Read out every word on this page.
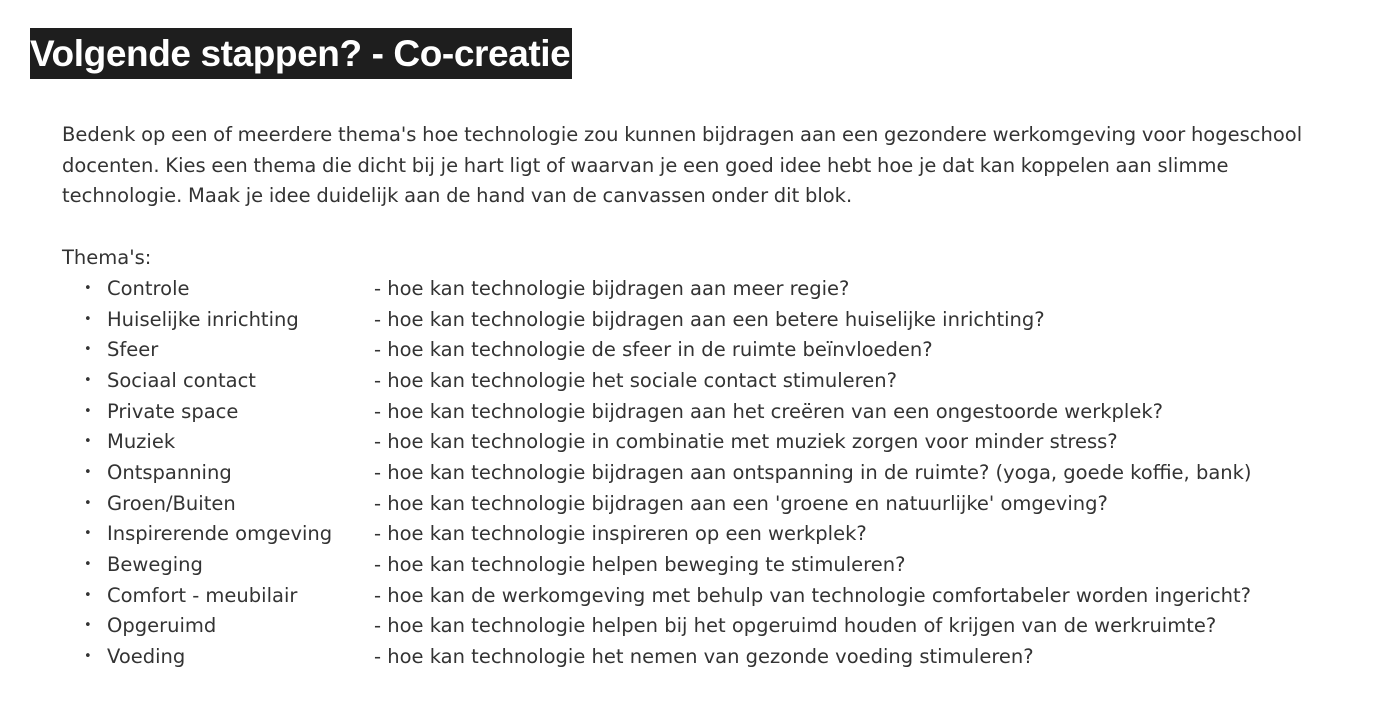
Volgende stappen? - Co-creatie

Bedenk op een of meerdere thema's hoe technologie zou kunnen bijdragen aan een gezondere werkomgeving voor hogeschool docenten. Kies een thema die dicht bij je hart ligt of waarvan je een goed idee hebt hoe je dat kan koppelen aan slimme technologie. Maak je idee duidelijk aan de hand van de canvassen onder dit blok.

Thema's:
• Controle	- hoe kan technologie bijdragen aan meer regie?
• Huiselijke inrichting	- hoe kan technologie bijdragen aan een betere huiselijke inrichting?
• Sfeer	- hoe kan technologie de sfeer in de ruimte beïnvloeden?
• Sociaal contact	- hoe kan technologie het sociale contact stimuleren?
• Private space	- hoe kan technologie bijdragen aan het creëren van een ongestoorde werkplek?
• Muziek	- hoe kan technologie in combinatie met muziek zorgen voor minder stress?
• Ontspanning	- hoe kan technologie bijdragen aan ontspanning in de ruimte? (yoga, goede koffie, bank)
• Groen/Buiten	- hoe kan technologie bijdragen aan een 'groene en natuurlijke' omgeving?
• Inspirerende omgeving - hoe kan technologie inspireren op een werkplek?
• Beweging	- hoe kan technologie helpen beweging te stimuleren?
• Comfort - meubilair	- hoe kan de werkomgeving met behulp van technologie comfortabeler worden ingericht?
• Opgeruimd	- hoe kan technologie helpen bij het opgeruimd houden of krijgen van de werkruimte?
• Voeding	- hoe kan technologie het nemen van gezonde voeding stimuleren?
